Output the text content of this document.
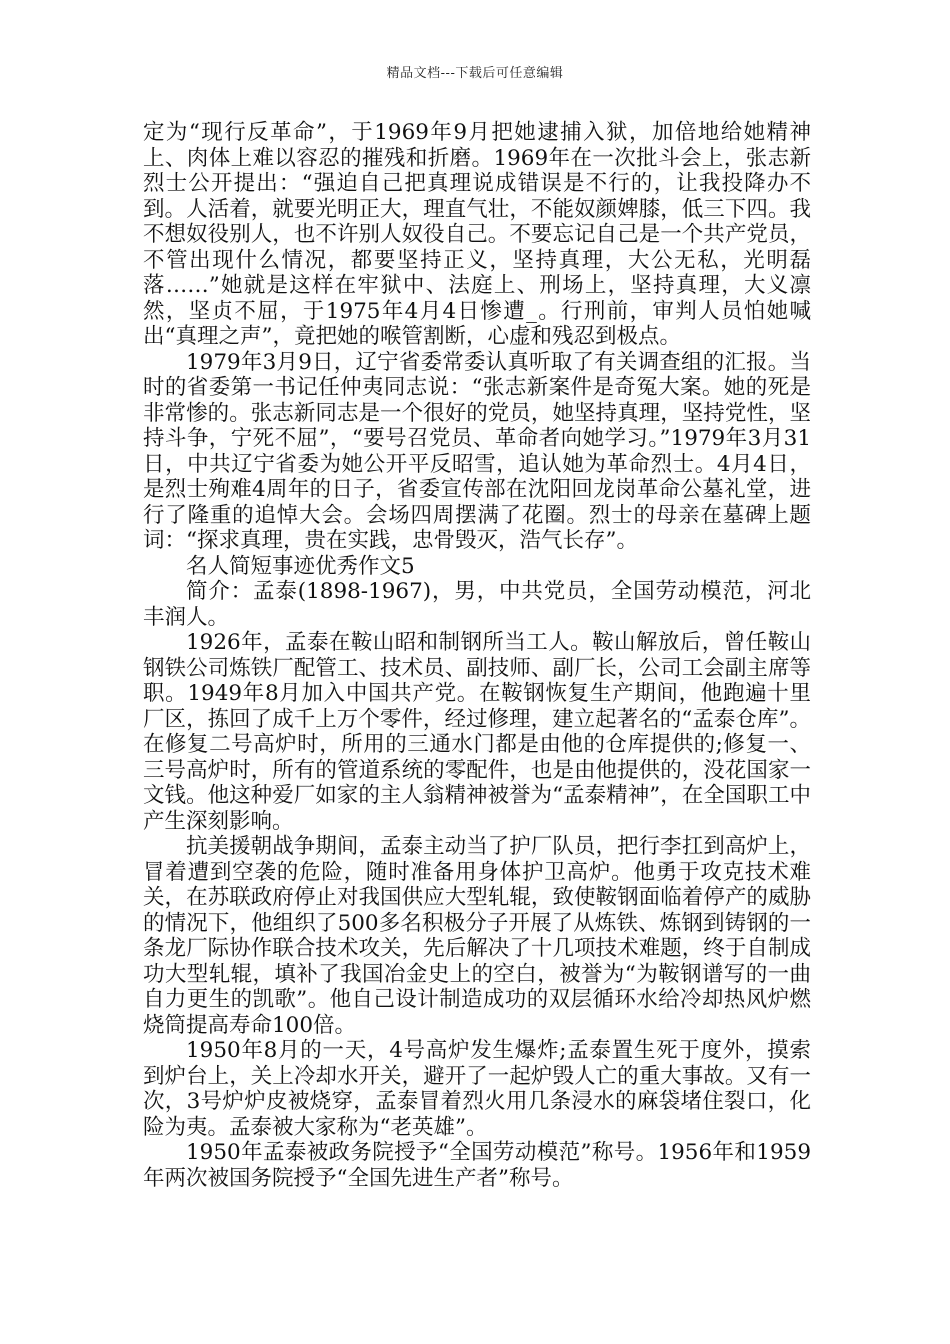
精品文档---下载后可任意编辑

定为“现行反革命”，于1969年9月把她逮捕入狱，加倍地给她精神上、肉体上难以容忍的摧残和折磨。1969年在一次批斗会上，张志新烈士公开提出：“强迫自己把真理说成错误是不行的，让我投降办不到。人活着，就要光明正大，理直气壮，不能奴颜婢膝，低三下四。我不想奴役别人，也不许别人奴役自己。不要忘记自己是一个共产党员，不管出现什么情况，都要坚持正义，坚持真理，大公无私，光明磊落……”她就是这样在牢狱中、法庭上、刑场上，坚持真理，大义凛然，坚贞不屈，于1975年4月4日惨遭_。行刑前，审判人员怕她喊出“真理之声”，竟把她的喉管割断，心虚和残忍到极点。

1979年3月9日，辽宁省委常委认真听取了有关调查组的汇报。当时的省委第一书记任仲夷同志说：“张志新案件是奇冤大案。她的死是非常惨的。张志新同志是一个很好的党员，她坚持真理，坚持党性，坚持斗争，宁死不屈”，“要号召党员、革命者向她学习。”1979年3月31日，中共辽宁省委为她公开平反昭雪，追认她为革命烈士。4月4日，是烈士殉难4周年的日子，省委宣传部在沈阳回龙岗革命公墓礼堂，进行了隆重的追悼大会。会场四周摆满了花圈。烈士的母亲在墓碑上题词：“探求真理，贵在实践，忠骨毁灭，浩气长存”。

名人简短事迹优秀作文5

简介：孟泰(1898-1967)，男，中共党员，全国劳动模范，河北丰润人。

1926年，孟泰在鞍山昭和制钢所当工人。鞍山解放后，曾任鞍山钢铁公司炼铁厂配管工、技术员、副技师、副厂长，公司工会副主席等职。1949年8月加入中国共产党。在鞍钢恢复生产期间，他跑遍十里厂区，拣回了成千上万个零件，经过修理，建立起著名的“孟泰仓库”。在修复二号高炉时，所用的三通水门都是由他的仓库提供的;修复一、三号高炉时，所有的管道系统的零配件，也是由他提供的，没花国家一文钱。他这种爱厂如家的主人翁精神被誉为“孟泰精神”，在全国职工中产生深刻影响。

抗美援朝战争期间，孟泰主动当了护厂队员，把行李扛到高炉上，冒着遭到空袭的危险，随时准备用身体护卫高炉。他勇于攻克技术难关，在苏联政府停止对我国供应大型轧辊，致使鞍钢面临着停产的威胁的情况下，他组织了500多名积极分子开展了从炼铁、炼钢到铸钢的一条龙厂际协作联合技术攻关，先后解决了十几项技术难题，终于自制成功大型轧辊，填补了我国冶金史上的空白，被誉为“为鞍钢谱写的一曲自力更生的凯歌”。他自己设计制造成功的双层循环水给冷却热风炉燃烧筒提高寿命100倍。

1950年8月的一天，4号高炉发生爆炸;孟泰置生死于度外，摸索到炉台上，关上冷却水开关，避开了一起炉毁人亡的重大事故。又有一次，3号炉炉皮被烧穿，孟泰冒着烈火用几条浸水的麻袋堵住裂口，化险为夷。孟泰被大家称为“老英雄”。

1950年孟泰被政务院授予“全国劳动模范”称号。1956年和1959年两次被国务院授予“全国先进生产者”称号。
